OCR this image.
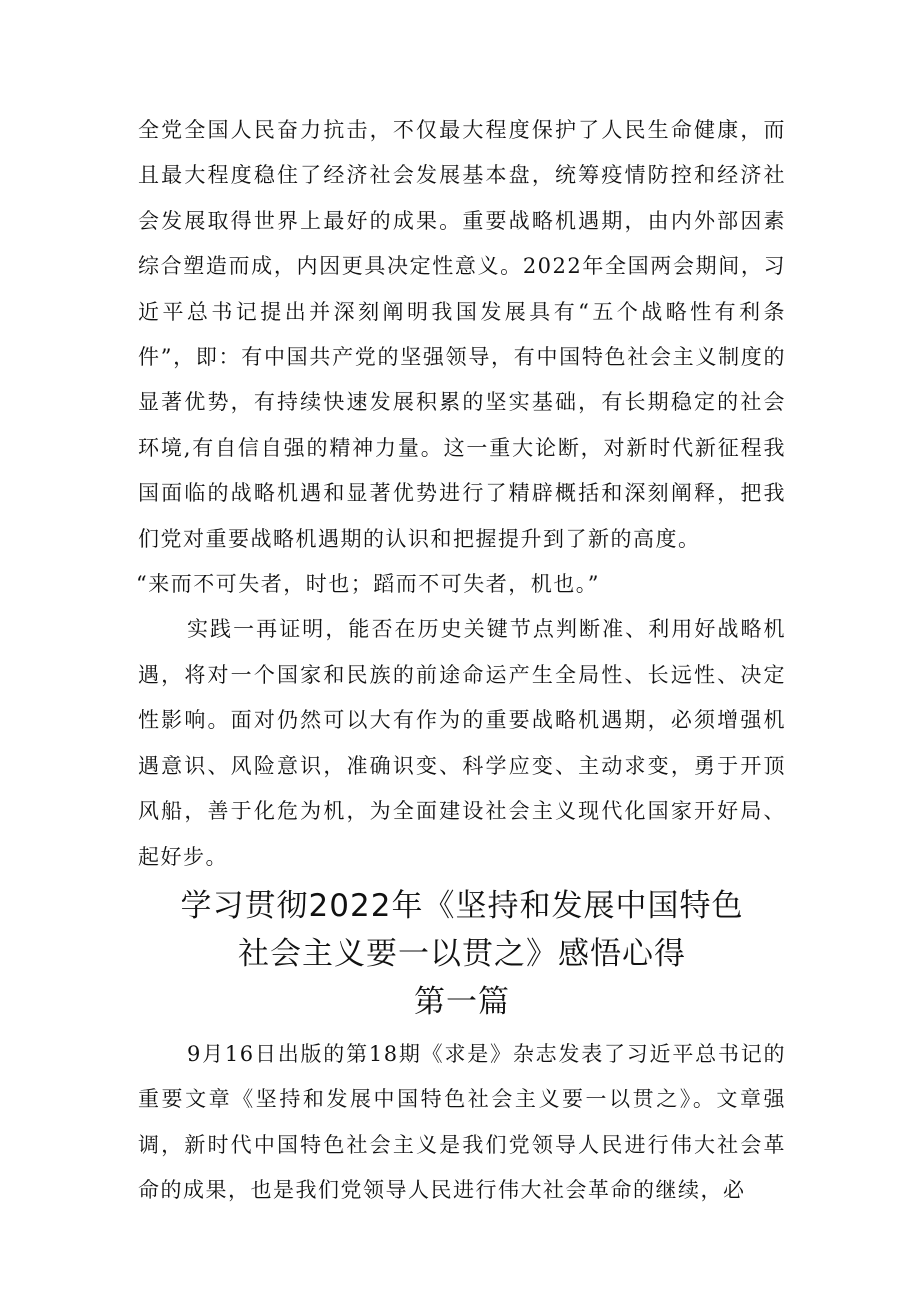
全党全国人民奋力抗击，不仅最大程度保护了人民生命健康，而且最大程度稳住了经济社会发展基本盘，统筹疫情防控和经济社会发展取得世界上最好的成果。重要战略机遇期，由内外部因素综合塑造而成，内因更具决定性意义。2022年全国两会期间，习近平总书记提出并深刻阐明我国发展具有“五个战略性有利条件”，即：有中国共产党的坚强领导，有中国特色社会主义制度的显著优势，有持续快速发展积累的坚实基础，有长期稳定的社会环境,有自信自强的精神力量。这一重大论断，对新时代新征程我国面临的战略机遇和显著优势进行了精辟概括和深刻阐释，把我们党对重要战略机遇期的认识和把握提升到了新的高度。

“来而不可失者，时也；蹈而不可失者，机也。”

实践一再证明，能否在历史关键节点判断准、利用好战略机遇，将对一个国家和民族的前途命运产生全局性、长远性、决定性影响。面对仍然可以大有作为的重要战略机遇期，必须增强机遇意识、风险意识，准确识变、科学应变、主动求变，勇于开顶风船，善于化危为机，为全面建设社会主义现代化国家开好局、起好步。

学习贯彻2022年《坚持和发展中国特色
社会主义要一以贯之》感悟心得
第一篇

9月16日出版的第18期《求是》杂志发表了习近平总书记的重要文章《坚持和发展中国特色社会主义要一以贯之》。文章强调，新时代中国特色社会主义是我们党领导人民进行伟大社会革命的成果，也是我们党领导人民进行伟大社会革命的继续，必
